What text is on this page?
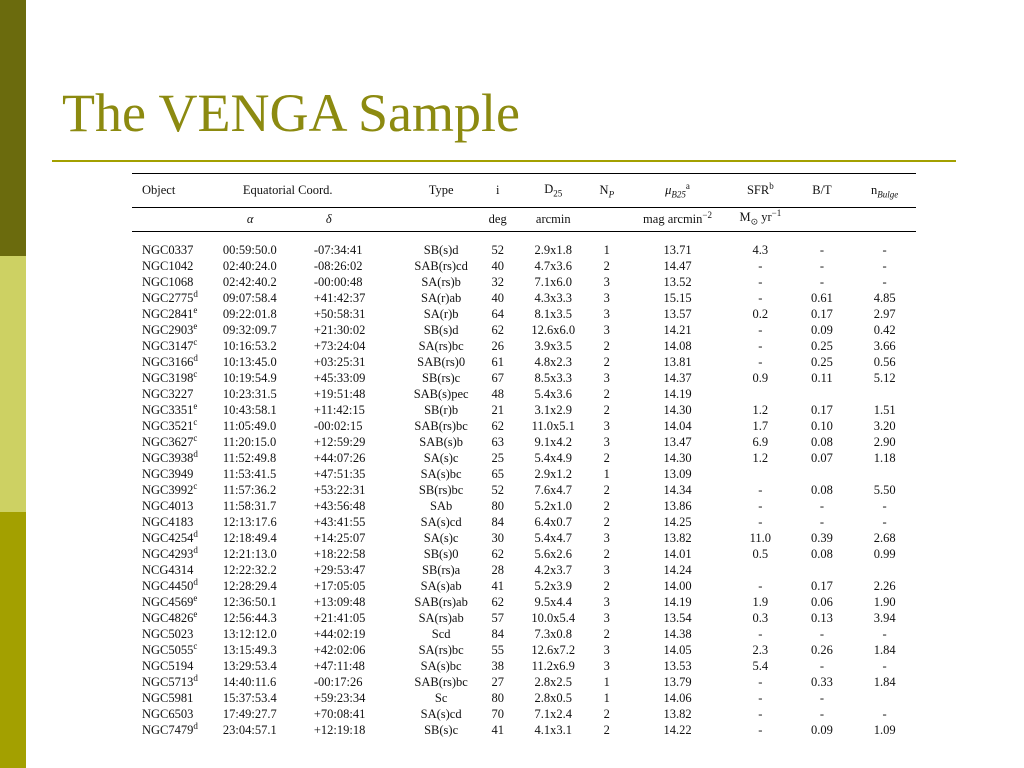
The VENGA Sample
Object	Equatorial Coord.		Type	i	$D_{25}$	$N_P$	$\mu_{B25}^a$	SFR$^b$	B/T	$n_{Bulge}$
	α	δ		deg	arcmin		mag arcmin$^{-2}$	$M_⊙$ $yr^{-1}$		

NGC0337	00:59:50.0	-07:34:41	SB(s)d	52	2.9x1.8	1	13.71	4.3	-	-
NGC1042	02:40:24.0	-08:26:02	SAB(rs)cd	40	4.7x3.6	2	14.47	-	-	-
NGC1068	02:42:40.2	-00:00:48	SA(rs)b	32	7.1x6.0	3	13.52	-	-	-
NGC2775$^d$	09:07:58.4	+41:42:37	SA(r)ab	40	4.3x3.3	3	15.15	-	0.61	4.85
NGC2841e	09:22:01.8	+50:58:31	SA(r)b	64	8.1x3.5	3	13.57	0.2	0.17	2.97
NGC2903e	09:32:09.7	+21:30:02	SB(s)d	62	12.6x6.0	3	14.21	-	0.09	0.42
NGC3147$^c$	10:16:53.2	+73:24:04	SA(rs)bc	26	3.9x3.5	2	14.08	-	0.25	3.66
NGC3166$^d$	10:13:45.0	+03:25:31	SAB(rs)0	61	4.8x2.3	2	13.81	-	0.25	0.56
NGC3198$^c$	10:19:54.9	+45:33:09	SB(rs)c	67	8.5x3.3	3	14.37	0.9	0.11	5.12
NGC3227	10:23:31.5	+19:51:48	SAB(s)pec	48	5.4x3.6	2	14.19			
NGC3351e	10:43:58.1	+11:42:15	SB(r)b	21	3.1x2.9	2	14.30	1.2	0.17	1.51
NGC3521$^c$	11:05:49.0	-00:02:15	SAB(rs)bc	62	11.0x5.1	3	14.04	1.7	0.10	3.20
NGC3627$^c$	11:20:15.0	+12:59:29	SAB(s)b	63	9.1x4.2	3	13.47	6.9	0.08	2.90
NGC3938$^d$	11:52:49.8	+44:07:26	SA(s)c	25	5.4x4.9	2	14.30	1.2	0.07	1.18
NGC3949	11:53:41.5	+47:51:35	SA(s)bc	65	2.9x1.2	1	13.09			
NGC3992$^c$	11:57:36.2	+53:22:31	SB(rs)bc	52	7.6x4.7	2	14.34	-	0.08	5.50
NGC4013	11:58:31.7	+43:56:48	SAb	80	5.2x1.0	2	13.86	-	-	-
NGC4183	12:13:17.6	+43:41:55	SA(s)cd	84	6.4x0.7	2	14.25	-	-	-
NGC4254$^d$	12:18:49.4	+14:25:07	SA(s)c	30	5.4x4.7	3	13.82	11.0	0.39	2.68
NGC4293$^d$	12:21:13.0	+18:22:58	SB(s)0	62	5.6x2.6	2	14.01	0.5	0.08	0.99
NCG4314	12:22:32.2	+29:53:47	SB(rs)a	28	4.2x3.7	3	14.24			
NGC4450$^d$	12:28:29.4	+17:05:05	SA(s)ab	41	5.2x3.9	2	14.00	-	0.17	2.26
NGC4569e	12:36:50.1	+13:09:48	SAB(rs)ab	62	9.5x4.4	3	14.19	1.9	0.06	1.90
NGC4826e	12:56:44.3	+21:41:05	SA(rs)ab	57	10.0x5.4	3	13.54	0.3	0.13	3.94
NGC5023	13:12:12.0	+44:02:19	Scd	84	7.3x0.8	2	14.38	-	-	-
NGC5055$^c$	13:15:49.3	+42:02:06	SA(rs)bc	55	12.6x7.2	3	14.05	2.3	0.26	1.84
NGC5194	13:29:53.4	+47:11:48	SA(s)bc	38	11.2x6.9	3	13.53	5.4	-	-
NGC5713$^d$	14:40:11.6	-00:17:26	SAB(rs)bc	27	2.8x2.5	1	13.79	-	0.33	1.84
NGC5981	15:37:53.4	+59:23:34	Sc	80	2.8x0.5	1	14.06	-	-	
NGC6503	17:49:27.7	+70:08:41	SA(s)cd	70	7.1x2.4	2	13.82	-	-	-
NGC7479$^d$	23:04:57.1	+12:19:18	SB(s)c	41	4.1x3.1	2	14.22	-	0.09	1.09
